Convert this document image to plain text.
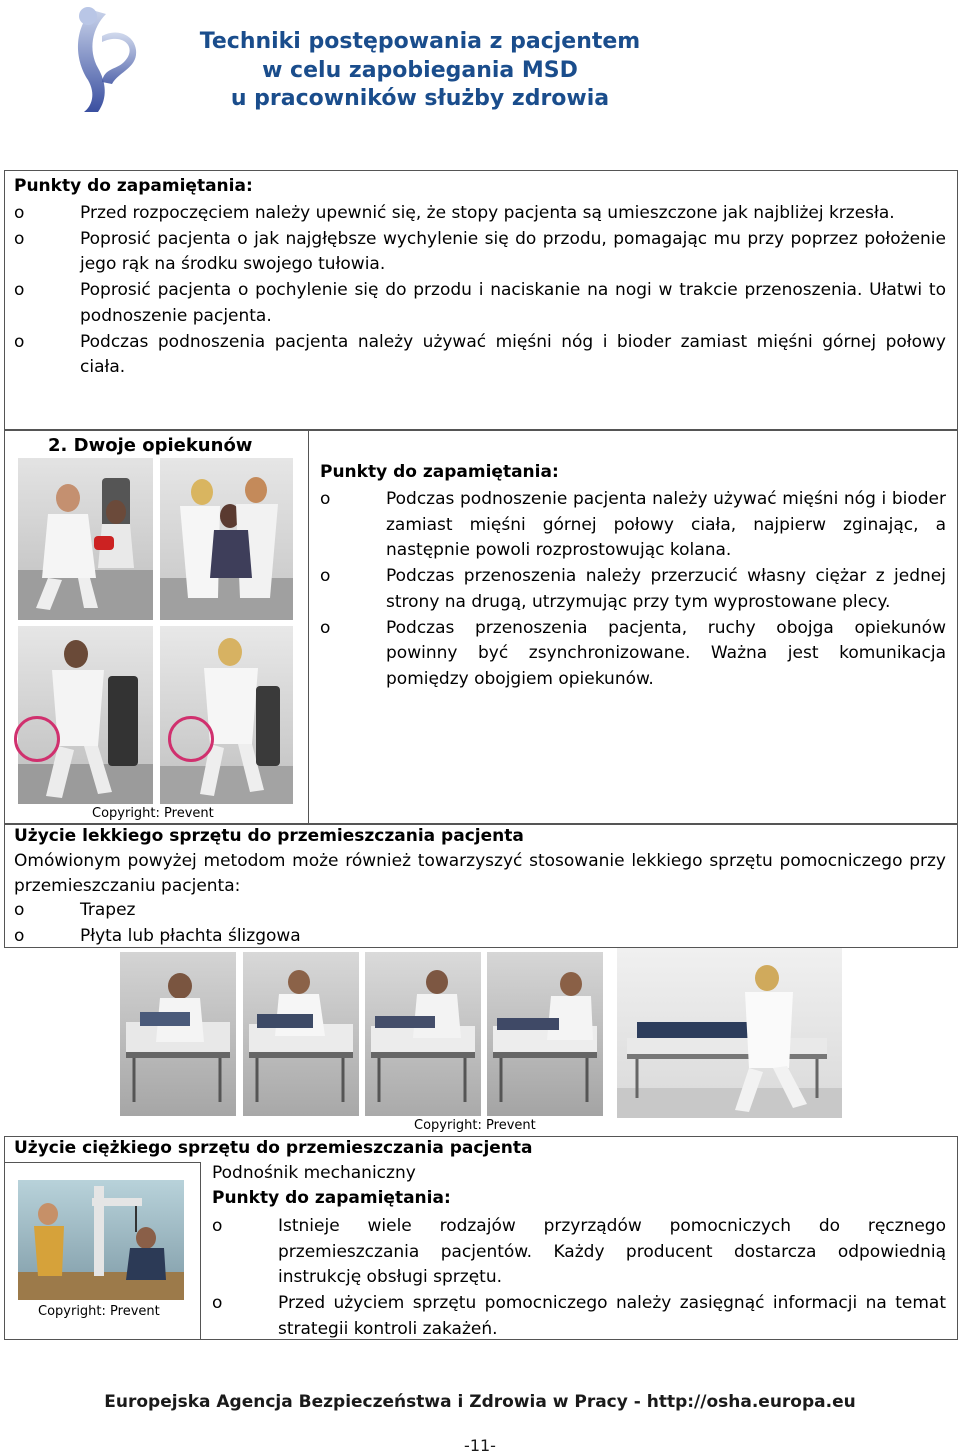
Techniki postępowania z pacjentem
w celu zapobiegania MSD
u pracowników służby zdrowia
Punkty do zapamiętania:
o Przed rozpoczęciem należy upewnić się, że stopy pacjenta są umieszczone jak najbliżej krzesła.
o Poprosić pacjenta o jak najgłębsze wychylenie się do przodu, pomagając mu przy poprzez położenie jego rąk na środku swojego tułowia.
o Poprosić pacjenta o pochylenie się do przodu i naciskanie na nogi w trakcie przenoszenia. Ułatwi to podnoszenie pacjenta.
o Podczas podnoszenia pacjenta należy używać mięśni nóg i bioder zamiast mięśni górnej połowy ciała.
2. Dwoje opiekunów
Copyright: Prevent
Punkty do zapamiętania:
o Podczas podnoszenie pacjenta należy używać mięśni nóg i bioder zamiast mięśni górnej połowy ciała, najpierw zginając, a następnie powoli rozprostowując kolana.
o Podczas przenoszenia należy przerzucić własny ciężar z jednej strony na drugą, utrzymując przy tym wyprostowane plecy.
o Podczas przenoszenia pacjenta, ruchy obojga opiekunów powinny być zsynchronizowane. Ważna jest komunikacja pomiędzy obojgiem opiekunów.
Użycie lekkiego sprzętu do przemieszczania pacjenta
Omówionym powyżej metodom może również towarzyszyć stosowanie lekkiego sprzętu pomocniczego przy przemieszczaniu pacjenta:
o Trapez
o Płyta lub płachta ślizgowa
Copyright: Prevent
Użycie ciężkiego sprzętu do przemieszczania pacjenta
Copyright: Prevent
Podnośnik mechaniczny
Punkty do zapamiętania:
o Istnieje wiele rodzajów przyrządów pomocniczych do ręcznego przemieszczania pacjentów. Każdy producent dostarcza odpowiednią instrukcję obsługi sprzętu.
o Przed użyciem sprzętu pomocniczego należy zasięgnąć informacji na temat strategii kontroli zakażeń.
Europejska Agencja Bezpieczeństwa i Zdrowia w Pracy - http://osha.europa.eu
-11-
